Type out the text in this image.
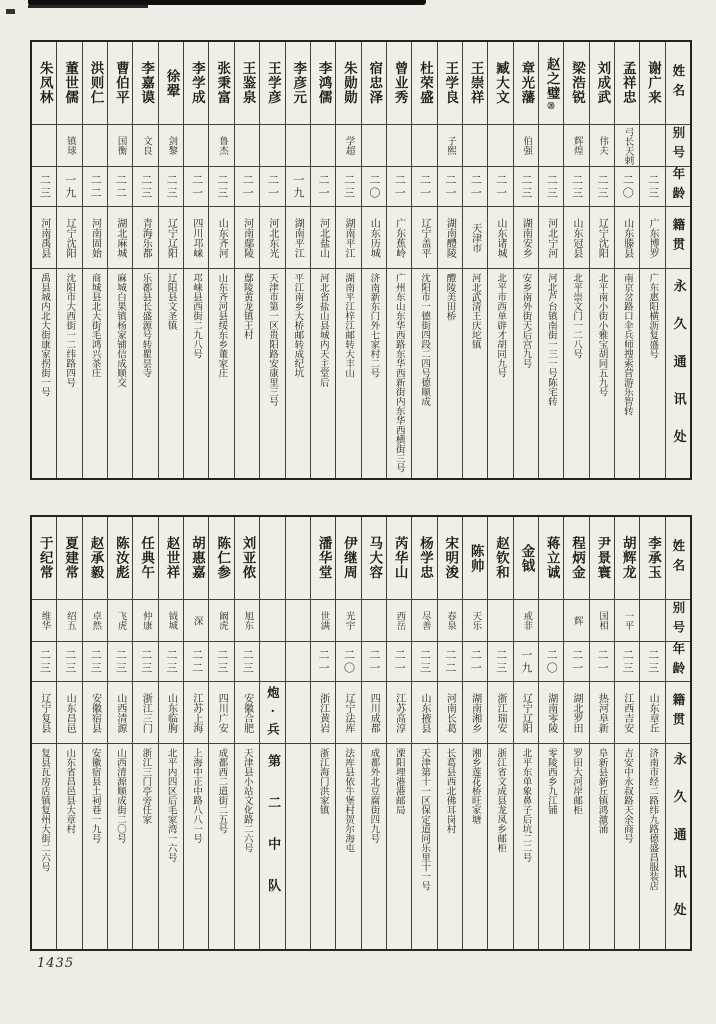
姓名
别号
年龄
籍贯
永久通讯处
谢广来
二三
广东博罗
广东惠阳横沥复盛号
孟祥忠
弓长天剌
二〇
山东滕县
南京岔路口伞兵师搜索营游乐智转
刘成武
伟夫
二三
辽宁沈阳
北平南小街小雅宝胡同五九号
梁浩锐
辉煌
二三
山东冠县
北平崇文门一二八号
赵之璧
⑳
二三
河北宁河
河北芦台镇南街一三一号陈宅转
章光藩
伯强
二三
湖南安乡
安乡南外街天后宫九号
臧大文
二一
山东诸城
北平市西单辟才胡同九号
王崇祥
二一
天津市
河北武清王庆坨镇
王学良
子熙
二一
湖南醴陵
醴陵美田桥
杜荣盛
二一
辽宁盖平
沈阳市一德街四段二四号德顺成
曾业秀
二一
广东蕉岭
广州东山东华西路东华西新街内东华西横街三号
宿忠泽
二〇
山东历城
济南新东门外七家村二号
朱勋勋
学超
二三
湖南平江
湖南平江梓江邮转大丰山
李鸿儒
二一
河北盐山
河北省盐山县城内天主堂后
李彦元
一九
湖南平江
平江南乡大桥邮转成纪坑
王学彦
二一
河北东光
天津市第一区贵阳路安康里三号
王鉴泉
二一
河南鄢陵
鄢陵黄龙镇王村
张秉富
鲁杰
二三
山东齐河
山东齐河县绥东乡董家庄
李学成
二一
四川邛崃
邛崃县西街二九八号
徐翚
剑黎
二三
辽宁辽阳
辽阳县文圣镇
李嘉谟
文良
二三
青海乐都
乐都县长盛源号转瞿昙寺
曹伯平
国衡
二二
湖北麻城
麻城白果镇杨家铺信成顺交
洪则仁
二二
河南固始
商城县北大街毛鸿兴茶庄
董世儒
镇球
一九
辽宁沈阳
沈阳市大西街一二纬路四号
朱凤林
二三
河南禹县
禹县城内北大街康家拐街一号
姓名
别号
年龄
籍贯
永久通讯处
李承玉
二三
山东章丘
济南市经二路纬九路德盛昌服装店
胡辉龙
一平
二三
江西吉安
吉安中永叔路天余商号
尹景寰
国相
二一
热河阜新
阜新县新丘镇鸿激涌
程炳金
辉
二一
湖北罗田
罗田大河岸邮柜
蒋立诚
二〇
湖南零陵
零陵西乡九江铺
金钺
戒非
一九
辽宁辽阳
北平东单象鼻子后坑二二号
赵钦和
二三
浙江瑞安
浙江省文成县龙凤乡邮柜
陈帅
天乐
二一
湖南湘乡
湘乡莲花桥旺家塘
宋明浚
春泉
二二
河南长葛
长葛县西北佛耳岗村
杨学忠
尽善
二三
山东掖县
天津第十一区保定道同乐里十一号
芮华山
西岳
二一
江苏高淳
溧阳埋港港邮局
马大容
二一
四川成都
成都外北豆腐街四九号
伊继周
光宇
二〇
辽宁法库
法库县依牛堡村贺尔海屯
潘华堂
世满
二一
浙江黄岩
浙江海门洪家镇
炮·兵
第二中队
刘亚侬
旭东
二三
安徽合肥
天津县小站文化路二六号
陈仁参
阚虎
二三
四川广安
成都西二道街二五号
胡惠嘉
深
二二
江苏上海
上海中正中路八八一号
赵世祥
钺城
二三
山东临朐
北平内四区后毛家湾一六号
任典午
仲康
二三
浙江三门
浙江三门亭旁任家
陈汝彪
飞虎
二三
山西清源
山西清源顺成街二〇号
赵承毅
卓然
二三
安徽宿县
安徽宿县土祠巷一九号
夏建常
绍五
二三
山东昌邑
山东省昌邑县大章村
于纪常
维华
二三
辽宁复县
复县瓦房店镇复州大街二六号
1435
